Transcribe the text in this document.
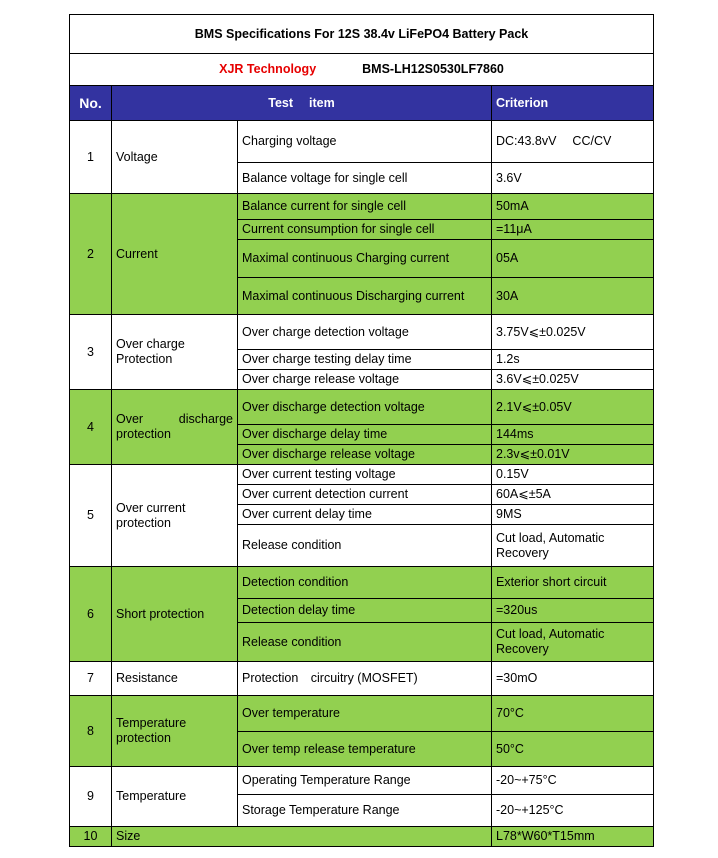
BMS Specifications For 12S 38.4v LiFePO4 Battery Pack			
XJR Technology BMS-LH12S0530LF7860			
No.	Test　 item		Criterion
1	Voltage	Charging voltage	DC:43.8vV　 CC/CV
		Balance voltage for single cell	3.6V
2	Current	Balance current for single cell	50mA
		Current consumption for single cell	=11μA
		Maximal continuous Charging current	05A
		Maximal continuous Discharging current	30A
3	Over charge Protection	Over charge detection voltage	3.75V⩽±0.025V
		Over charge testing delay time	1.2s
		Over charge release voltage	3.6V⩽±0.025V
4	Over discharge protection	Over discharge detection voltage	2.1V⩽±0.05V
		Over discharge delay time	144ms
		Over discharge release voltage	2.3v⩽±0.01V
5	Over current protection	Over current testing voltage	0.15V
		Over current detection current	60A⩽±5A
		Over current delay time	9MS
		Release condition	Cut load, Automatic Recovery
6	Short protection	Detection condition	Exterior short circuit
		Detection delay time	=320us
		Release condition	Cut load, Automatic Recovery
7	Resistance	Protection　circuitry (MOSFET)	=30mO
8	Temperature protection	Over temperature	70°C
		Over temp release temperature	50°C
9	Temperature	Operating Temperature Range	-20~+75°C
		Storage Temperature Range	-20~+125°C
10	Size		L78*W60*T15mm
